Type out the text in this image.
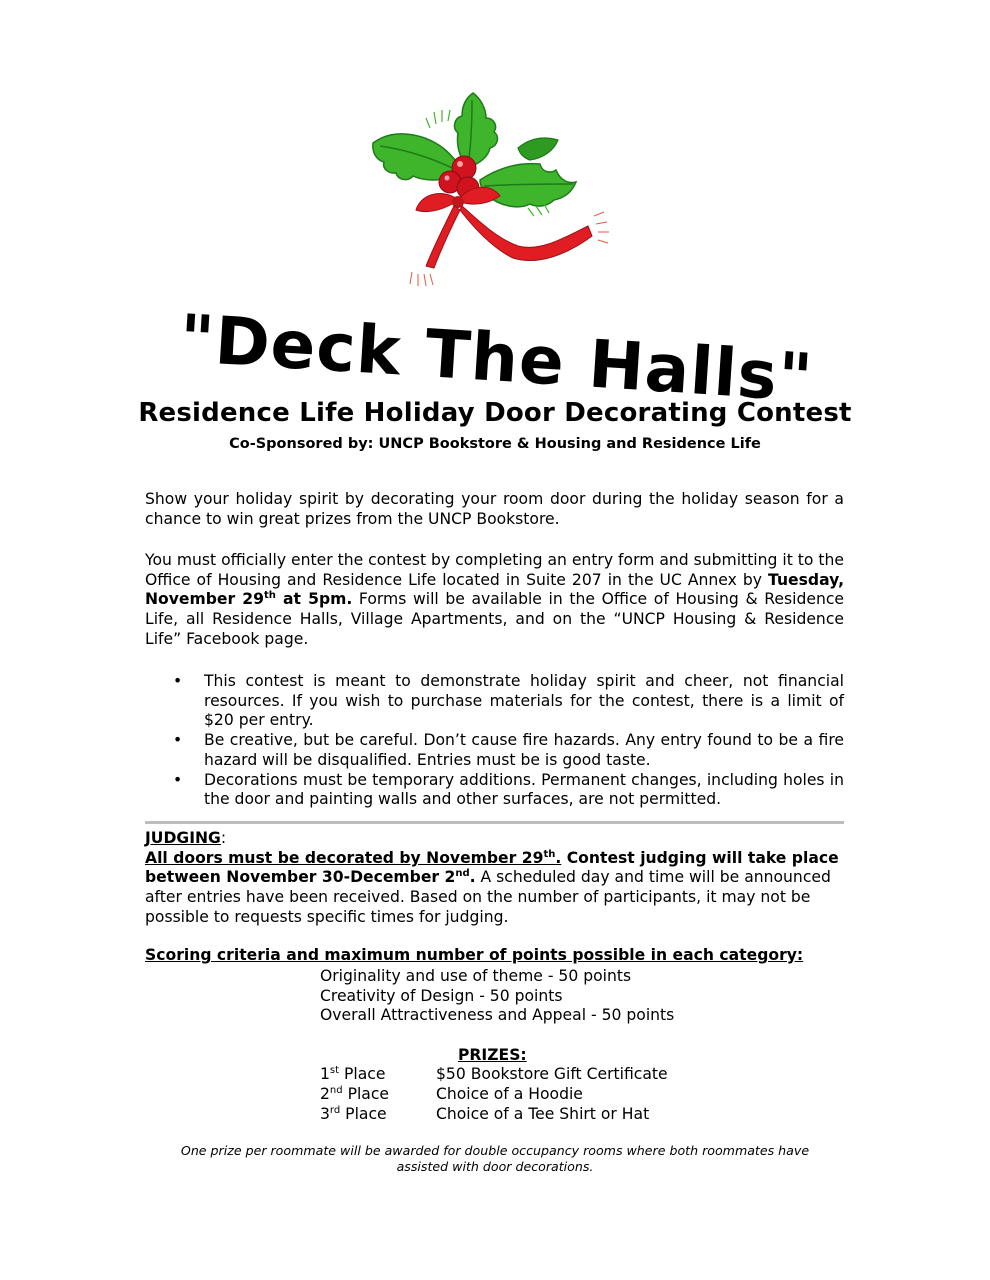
"Deck The Halls"
Residence Life Holiday Door Decorating Contest
Co-Sponsored by: UNCP Bookstore & Housing and Residence Life
Show your holiday spirit by decorating your room door during the holiday season for a chance to win great prizes from the UNCP Bookstore.
You must officially enter the contest by completing an entry form and submitting it to the Office of Housing and Residence Life located in Suite 207 in the UC Annex by Tuesday, November 29th at 5pm. Forms will be available in the Office of Housing & Residence Life, all Residence Halls, Village Apartments, and on the “UNCP Housing & Residence Life” Facebook page.
• This contest is meant to demonstrate holiday spirit and cheer, not financial resources. If you wish to purchase materials for the contest, there is a limit of $20 per entry.
• Be creative, but be careful. Don’t cause fire hazards. Any entry found to be a fire hazard will be disqualified. Entries must be is good taste.
• Decorations must be temporary additions. Permanent changes, including holes in the door and painting walls and other surfaces, are not permitted.
JUDGING:
All doors must be decorated by November 29th. Contest judging will take place between November 30-December 2nd. A scheduled day and time will be announced after entries have been received. Based on the number of participants, it may not be possible to requests specific times for judging.
Scoring criteria and maximum number of points possible in each category:
Originality and use of theme - 50 points
Creativity of Design - 50 points
Overall Attractiveness and Appeal - 50 points
PRIZES:
1st Place	$50 Bookstore Gift Certificate
2nd Place	Choice of a Hoodie
3rd Place	Choice of a Tee Shirt or Hat
One prize per roommate will be awarded for double occupancy rooms where both roommates have assisted with door decorations.
